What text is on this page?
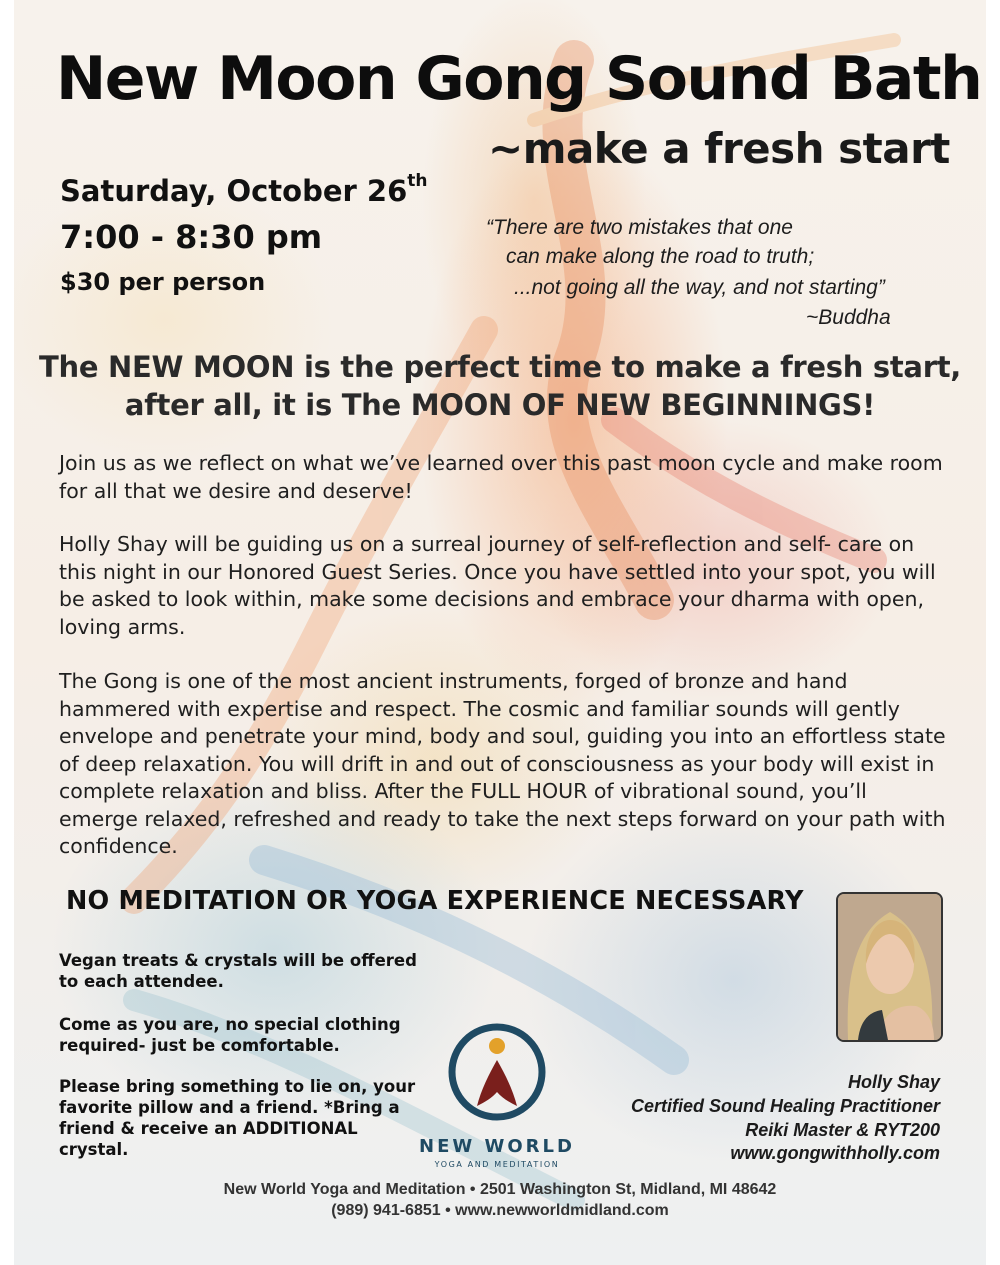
New Moon Gong Sound Bath
~make a fresh start
Saturday, October 26th
7:00 - 8:30 pm
$30 per person
“There are two mistakes that one
can make along the road to truth;
...not going all the way, and not starting”
~Buddha
The NEW MOON is the perfect time to make a fresh start,
after all, it is The MOON OF NEW BEGINNINGS!
Join us as we reflect on what we’ve learned over this past moon cycle and make room for all that we desire and deserve!
Holly Shay will be guiding us on a surreal journey of self-reflection and self- care on this night in our Honored Guest Series. Once you have settled into your spot, you will be asked to look within, make some decisions and embrace your dharma with open, loving arms.
The Gong is one of the most ancient instruments, forged of bronze and hand hammered with expertise and respect. The cosmic and familiar sounds will gently envelope and penetrate your mind, body and soul, guiding you into an effortless state of deep relaxation. You will drift in and out of consciousness as your body will exist in complete relaxation and bliss. After the FULL HOUR of vibrational sound, you’ll emerge relaxed, refreshed and ready to take the next steps forward on your path with confidence.
NO MEDITATION OR YOGA EXPERIENCE NECESSARY
Vegan treats & crystals will be offered to each attendee.
Come as you are, no special clothing required- just be comfortable.
Please bring something to lie on, your favorite pillow and a friend. *Bring a friend & receive an ADDITIONAL crystal.	NEW WORLD
YOGA AND MEDITATION
Holly Shay
Certified Sound Healing Practitioner
Reiki Master & RYT200
www.gongwithholly.com
New World Yoga and Meditation • 2501 Washington St, Midland, MI 48642
(989) 941-6851 • www.newworldmidland.com
